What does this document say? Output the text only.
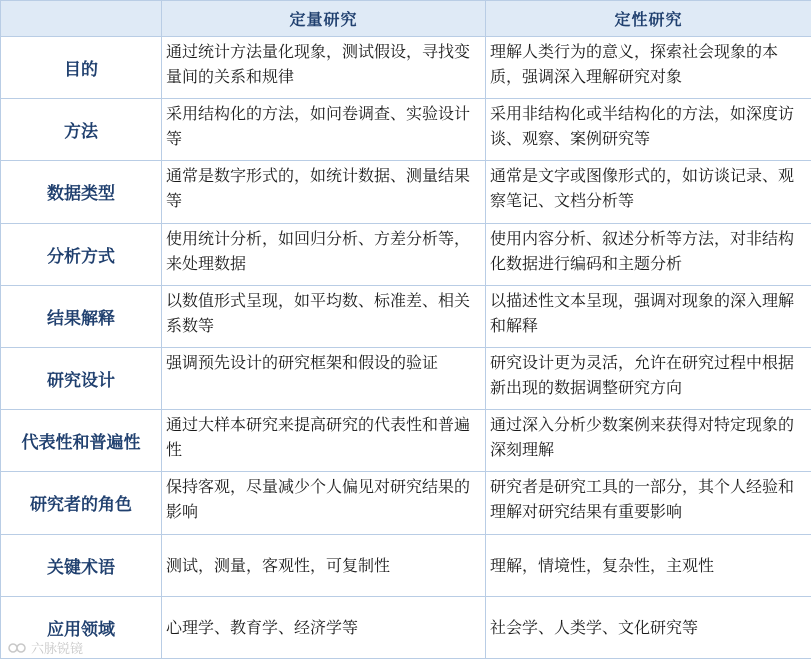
	定量研究	定性研究
目的	通过统计方法量化现象，测试假设，寻找变量间的关系和规律	理解人类行为的意义，探索社会现象的本质，强调深入理解研究对象
方法	采用结构化的方法，如问卷调查、实验设计等	采用非结构化或半结构化的方法，如深度访谈、观察、案例研究等
数据类型	通常是数字形式的，如统计数据、测量结果等	通常是文字或图像形式的，如访谈记录、观察笔记、文档分析等
分析方式	使用统计分析，如回归分析、方差分析等，来处理数据	使用内容分析、叙述分析等方法，对非结构化数据进行编码和主题分析
结果解释	以数值形式呈现，如平均数、标准差、相关系数等	以描述性文本呈现，强调对现象的深入理解和解释
研究设计	强调预先设计的研究框架和假设的验证	研究设计更为灵活，允许在研究过程中根据新出现的数据调整研究方向
代表性和普遍性	通过大样本研究来提高研究的代表性和普遍性	通过深入分析少数案例来获得对特定现象的深刻理解
研究者的角色	保持客观，尽量减少个人偏见对研究结果的影响	研究者是研究工具的一部分，其个人经验和理解对研究结果有重要影响
关键术语	测试，测量，客观性，可复制性	理解，情境性，复杂性，主观性
应用领域	心理学、教育学、经济学等	社会学、人类学、文化研究等
六脉锐镜
